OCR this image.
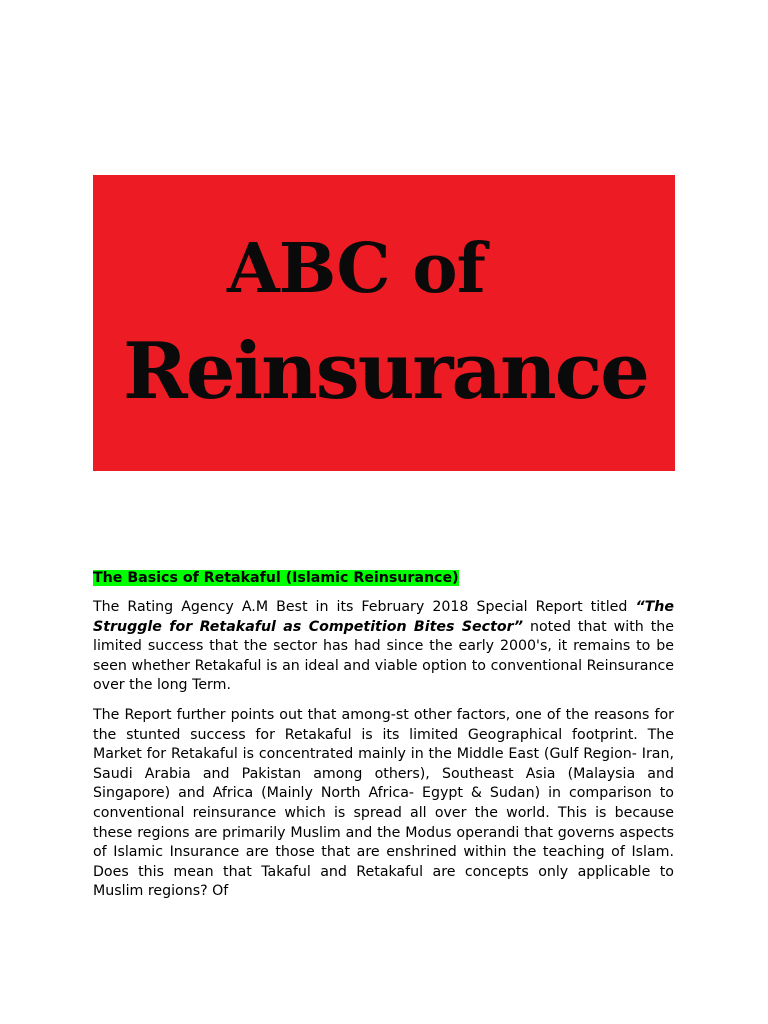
ABC of
Reinsurance

The Basics of Retakaful (Islamic Reinsurance)

The Rating Agency A.M Best in its February 2018 Special Report titled “The Struggle for Retakaful as Competition Bites Sector” noted that with the limited success that the sector has had since the early 2000's, it remains to be seen whether Retakaful is an ideal and viable option to conventional Reinsurance over the long Term.

The Report further points out that among-st other factors, one of the reasons for the stunted success for Retakaful is its limited Geographical footprint. The Market for Retakaful is concentrated mainly in the Middle East (Gulf Region- Iran, Saudi Arabia and Pakistan among others), Southeast Asia (Malaysia and Singapore) and Africa (Mainly North Africa- Egypt & Sudan) in comparison to conventional reinsurance which is spread all over the world. This is because these regions are primarily Muslim and the Modus operandi that governs aspects of Islamic Insurance are those that are enshrined within the teaching of Islam. Does this mean that Takaful and Retakaful are concepts only applicable to Muslim regions? Of
